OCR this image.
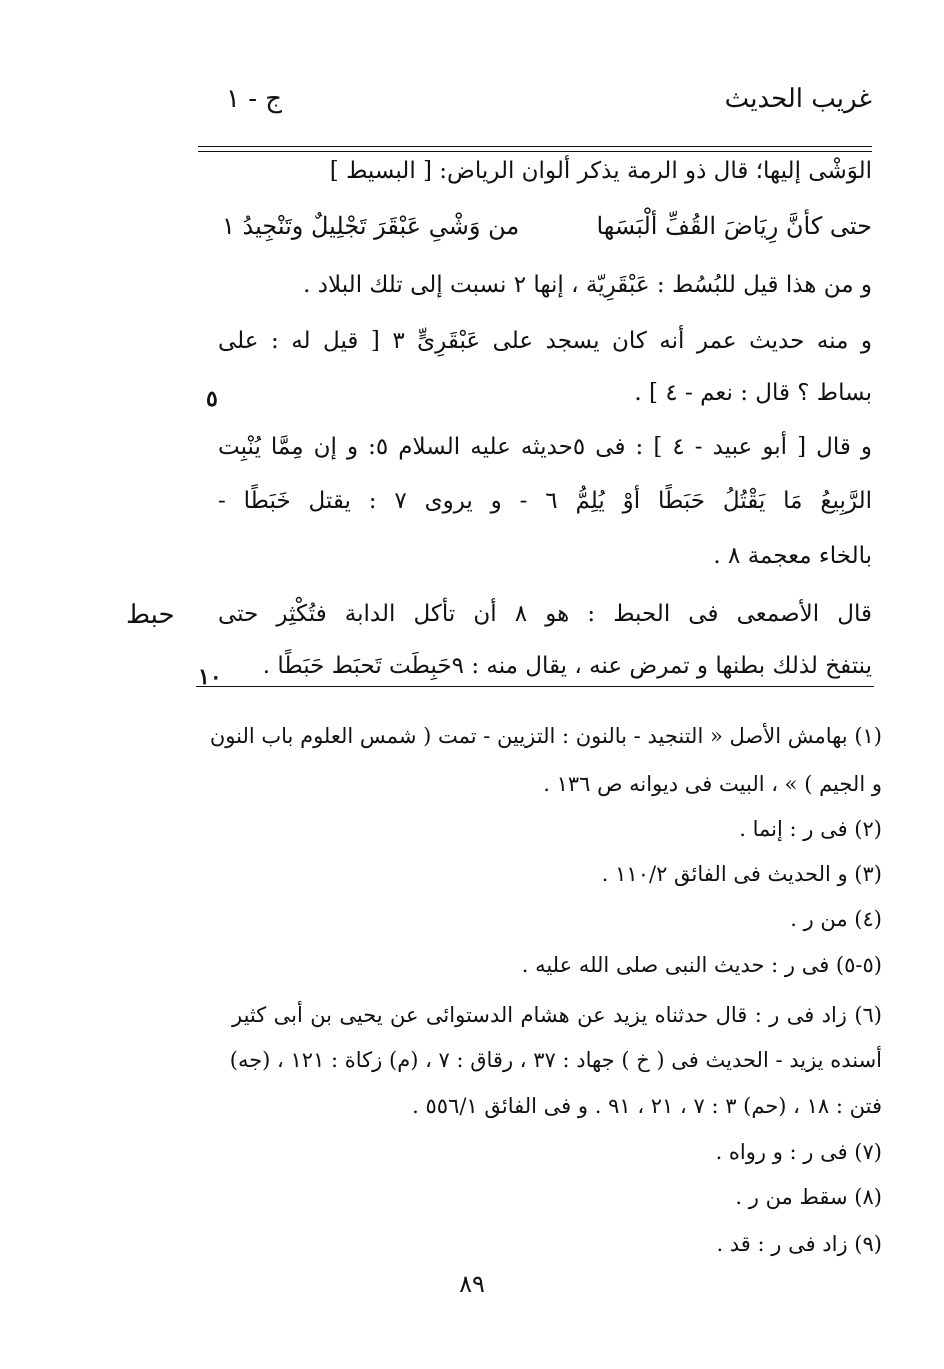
غريب الحديث
ج - ١
الوَشْى إليها؛ قال ذو الرمة يذكر ألوان الرياض: [ البسيط ]
حتى كأنَّ رِيَاضَ القُفِّ ألْبَسَها
من وَشْىِ عَبْقَرَ تَجْلِيلٌ وتَنْجِيدُ ١
و من هذا قيل للبُسُط : عَبْقَرِيّة ، إنها ٢ نسبت إلى تلك البلاد .
و منه حديث عمر أنه كان يسجد على عَبْقَرِىٍّ ٣ [ قيل له : على
بساط ؟ قال : نعم - ٤ ] .
٥
و قال [ أبو عبيد - ٤ ] : فى ٥حديثه عليه السلام ٥: و إن مِمَّا يُنْبِت
الرَّبِيعُ مَا يَقْتُلُ حَبَطًا أوْ يُلِمُّ ٦ - و يروى ٧ : يقتل خَبَطًا -
بالخاء معجمة ٨ .
قال الأصمعى فى الحبط : هو ٨ أن تأكل الدابة فتُكْثِر حتى
حبط
ينتفخ لذلك بطنها و تمرض عنه ، يقال منه : ٩حَبِطَت تَحبَط حَبَطًا .
١٠
(١) بهامش الأصل « التنجيد - بالنون : التزيين - تمت ( شمس العلوم باب النون
و الجيم ) » ، البيت فى ديوانه ص ١٣٦ .
(٢) فى ر : إنما .
(٣) و الحديث فى الفائق ١١٠/٢ .
(٤) من ر .
(٥-٥) فى ر : حديث النبى صلى الله عليه .
(٦) زاد فى ر : قال حدثناه يزيد عن هشام الدستوائى عن يحيى بن أبى كثير
أسنده يزيد - الحديث فى ( خ ) جهاد : ٣٧ ، رقاق : ٧ ، (م) زكاة : ١٢١ ، (جه)
فتن : ١٨ ، (حم) ٣ : ٧ ، ٢١ ، ٩١ . و فى الفائق ٥٥٦/١ .
(٧) فى ر : و رواه .
(٨) سقط من ر .
(٩) زاد فى ر : قد .
٨٩
